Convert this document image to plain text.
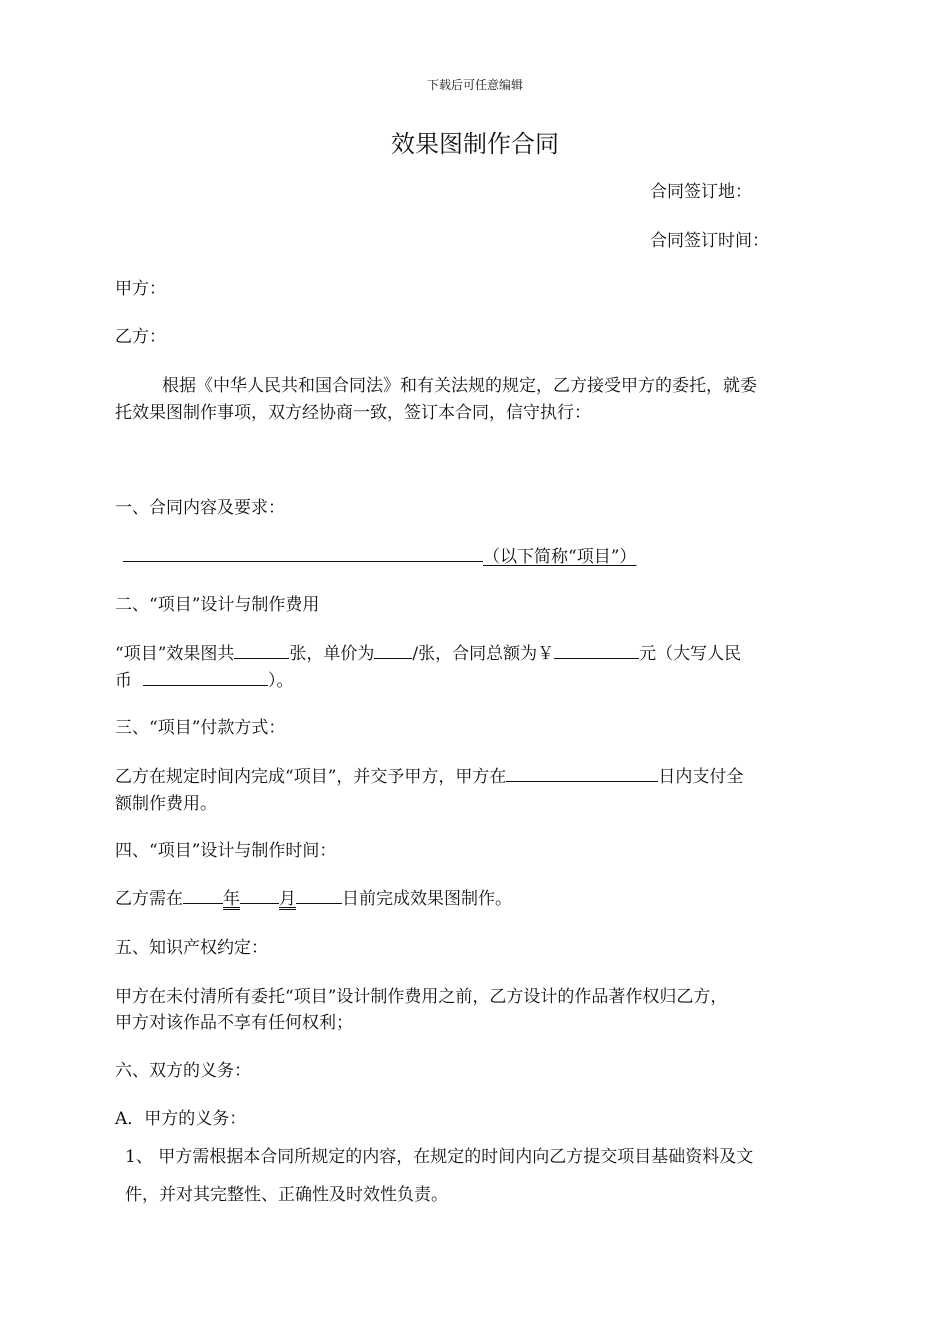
下载后可任意编辑
效果图制作合同
合同签订地：
合同签订时间：
甲方：
乙方：
根据《中华人民共和国合同法》和有关法规的规定，乙方接受甲方的委托，就委
托效果图制作事项，双方经协商一致，签订本合同，信守执行：
一、合同内容及要求：
（以下简称“项目”）
二、“项目”设计与制作费用
“项目”效果图共	张，单价为 /张，合同总额为￥	元（大写人民
币	）。
三、“项目”付款方式：
乙方在规定时间内完成“项目”，并交予甲方，甲方在	日内支付全
额制作费用。
四、“项目”设计与制作时间：
乙方需在 年 月	日前完成效果图制作。
五、知识产权约定：
甲方在未付清所有委托“项目”设计制作费用之前，乙方设计的作品著作权归乙方，
甲方对该作品不享有任何权利；
六、双方的义务：
A．甲方的义务：
1、 甲方需根据本合同所规定的内容，在规定的时间内向乙方提交项目基础资料及文
件，并对其完整性、正确性及时效性负责。
